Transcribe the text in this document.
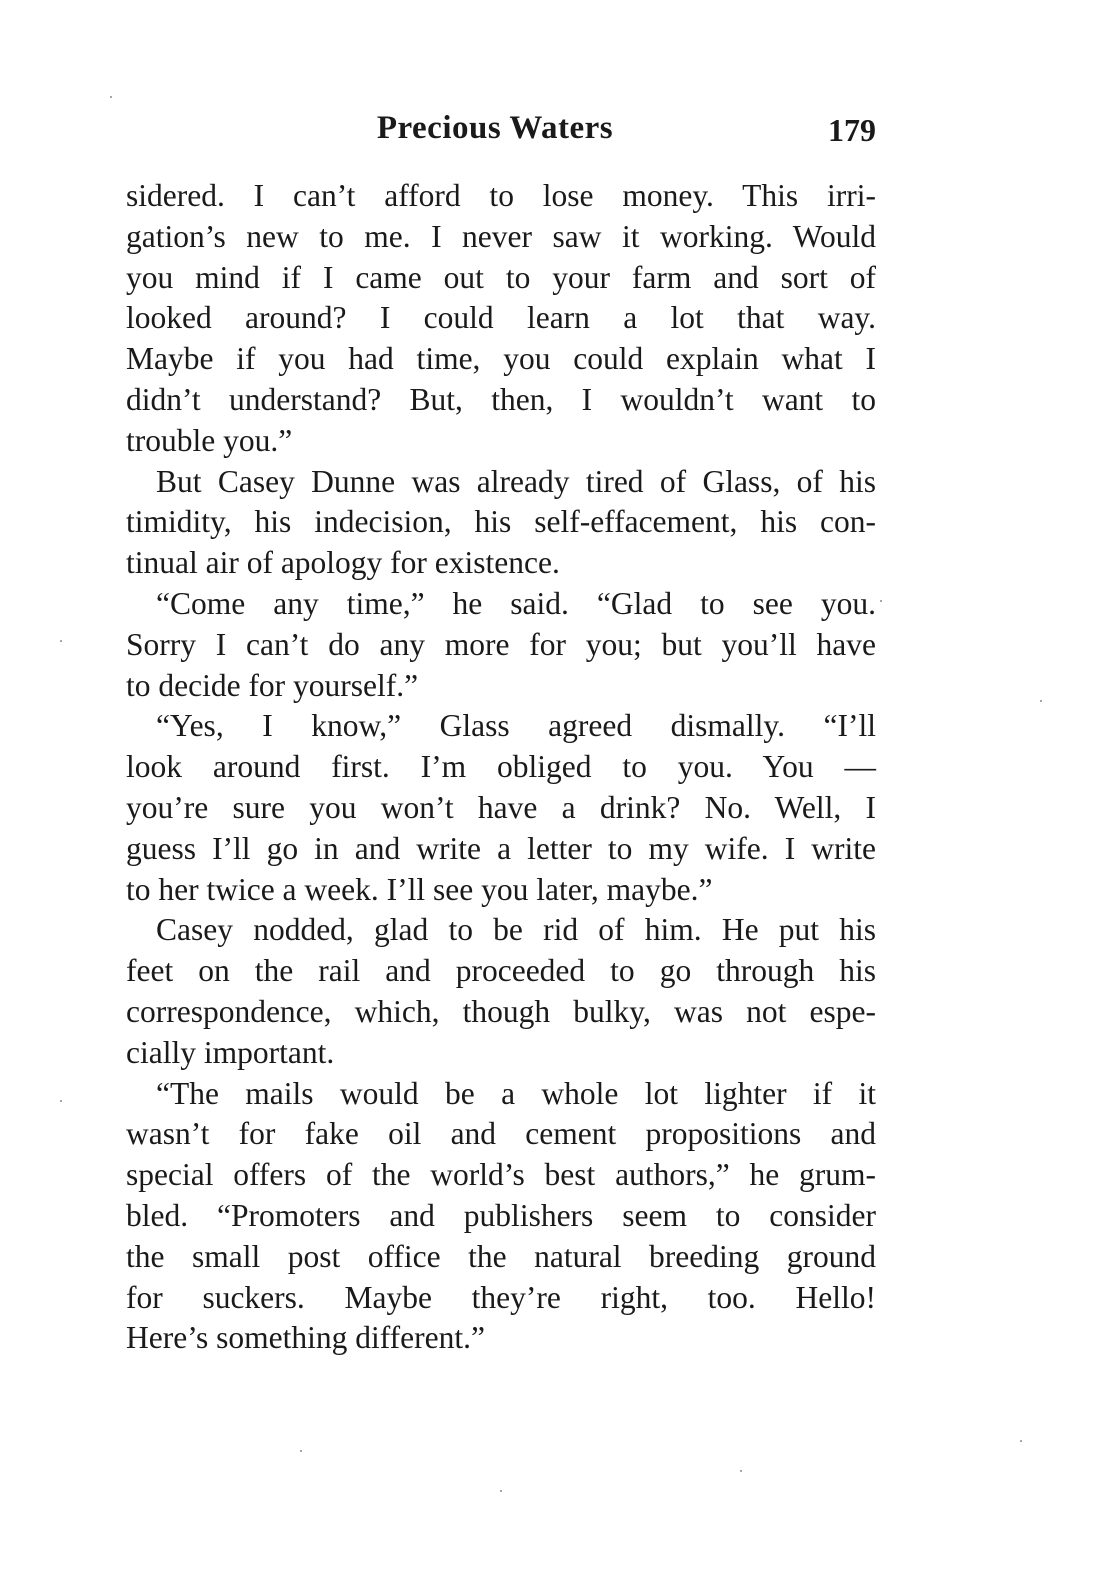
Precious Waters	179
sidered. I can’t afford to lose money. This irri-
gation’s new to me. I never saw it working. Would
you mind if I came out to your farm and sort of
looked around? I could learn a lot that way.
Maybe if you had time, you could explain what I
didn’t understand? But, then, I wouldn’t want to
trouble you.”
But Casey Dunne was already tired of Glass, of his
timidity, his indecision, his self-effacement, his con-
tinual air of apology for existence.
“Come any time,” he said. “Glad to see you.
Sorry I can’t do any more for you; but you’ll have
to decide for yourself.”
“Yes, I know,” Glass agreed dismally. “I’ll
look around first. I’m obliged to you. You —
you’re sure you won’t have a drink? No. Well, I
guess I’ll go in and write a letter to my wife. I write
to her twice a week. I’ll see you later, maybe.”
Casey nodded, glad to be rid of him. He put his
feet on the rail and proceeded to go through his
correspondence, which, though bulky, was not espe-
cially important.
“The mails would be a whole lot lighter if it
wasn’t for fake oil and cement propositions and
special offers of the world’s best authors,” he grum-
bled. “Promoters and publishers seem to consider
the small post office the natural breeding ground
for suckers. Maybe they’re right, too. Hello!
Here’s something different.”
